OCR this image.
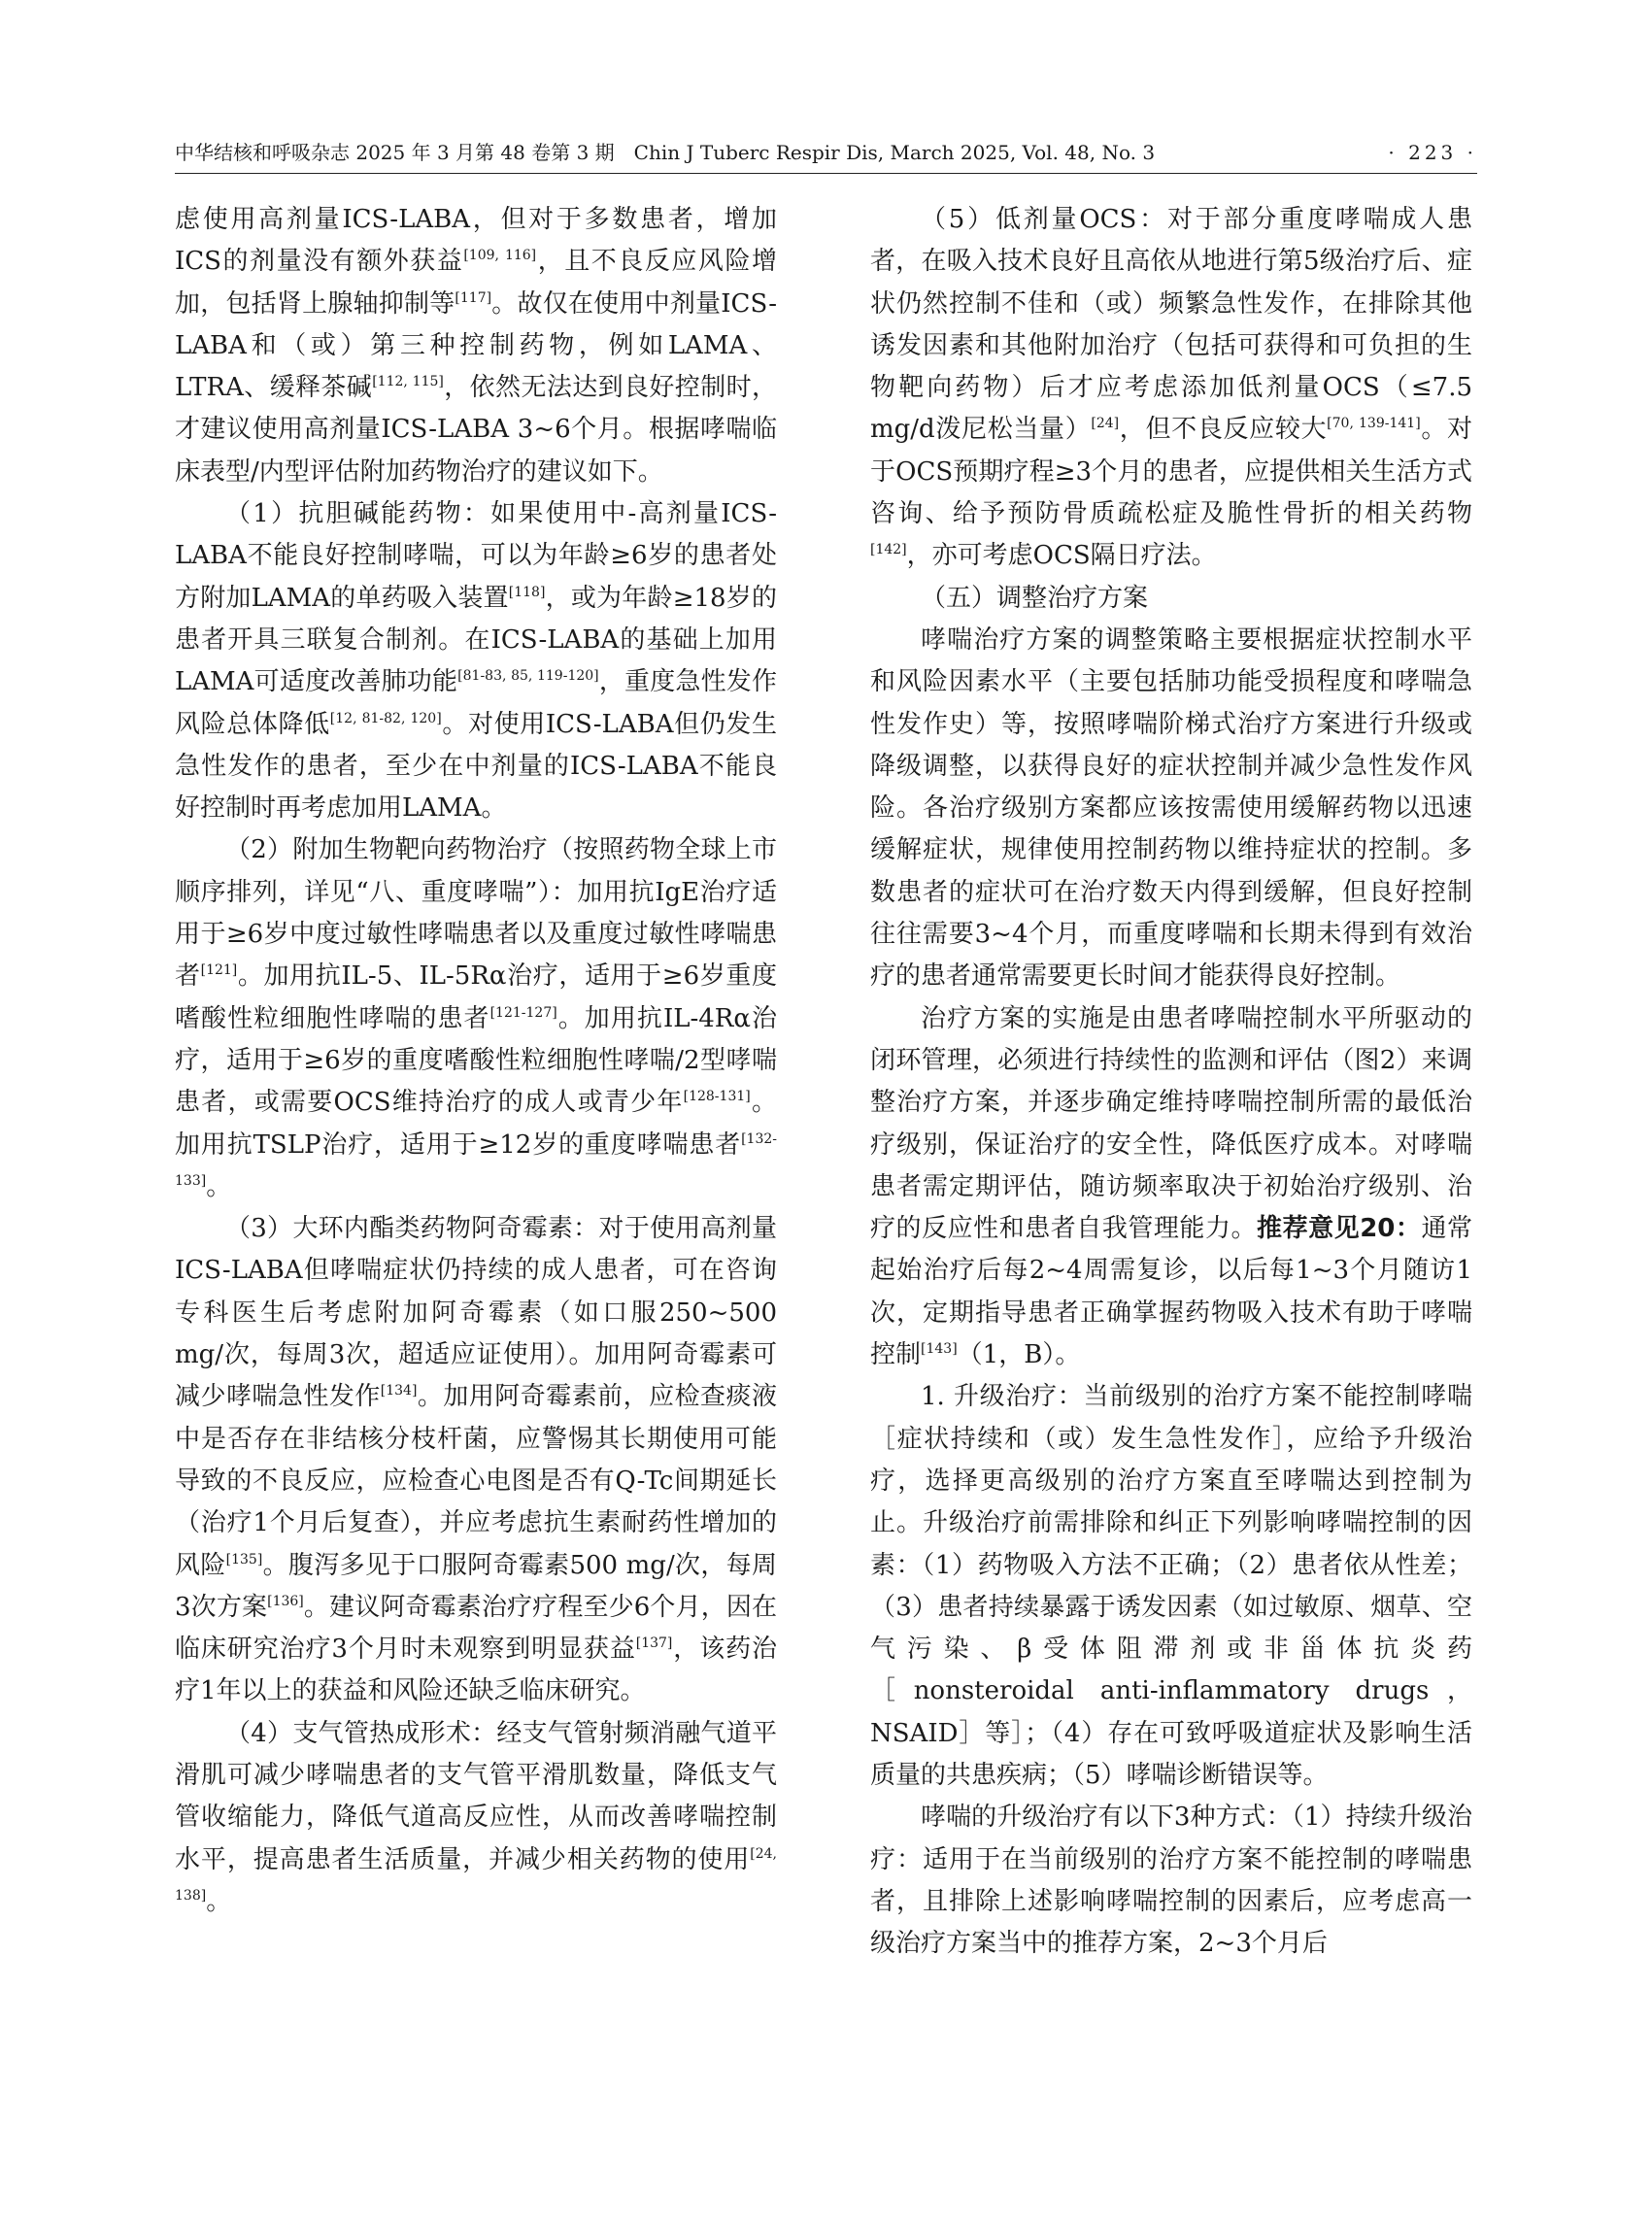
中华结核和呼吸杂志 2025 年 3 月第 48 卷第 3 期　Chin J Tuberc Respir Dis, March 2025, Vol. 48, No. 3	· 223 ·

虑使用高剂量ICS-LABA，但对于多数患者，增加ICS的剂量没有额外获益[109, 116]，且不良反应风险增加，包括肾上腺轴抑制等[117]。故仅在使用中剂量ICS-LABA和（或）第三种控制药物，例如LAMA、LTRA、缓释茶碱[112, 115]，依然无法达到良好控制时，才建议使用高剂量ICS-LABA 3~6个月。根据哮喘临床表型/内型评估附加药物治疗的建议如下。

（1）抗胆碱能药物：如果使用中-高剂量ICS-LABA不能良好控制哮喘，可以为年龄≥6岁的患者处方附加LAMA的单药吸入装置[118]，或为年龄≥18岁的患者开具三联复合制剂。在ICS-LABA的基础上加用LAMA可适度改善肺功能[81-83, 85, 119-120]，重度急性发作风险总体降低[12, 81-82, 120]。对使用ICS-LABA但仍发生急性发作的患者，至少在中剂量的ICS-LABA不能良好控制时再考虑加用LAMA。

（2）附加生物靶向药物治疗（按照药物全球上市顺序排列，详见“八、重度哮喘”）：加用抗IgE治疗适用于≥6岁中度过敏性哮喘患者以及重度过敏性哮喘患者[121]。加用抗IL-5、IL-5Rα治疗，适用于≥6岁重度嗜酸性粒细胞性哮喘的患者[121-127]。加用抗IL-4Rα治疗，适用于≥6岁的重度嗜酸性粒细胞性哮喘/2型哮喘患者，或需要OCS维持治疗的成人或青少年[128-131]。加用抗TSLP治疗，适用于≥12岁的重度哮喘患者[132-133]。

（3）大环内酯类药物阿奇霉素：对于使用高剂量ICS-LABA但哮喘症状仍持续的成人患者，可在咨询专科医生后考虑附加阿奇霉素（如口服250~500 mg/次，每周3次，超适应证使用）。加用阿奇霉素可减少哮喘急性发作[134]。加用阿奇霉素前，应检查痰液中是否存在非结核分枝杆菌，应警惕其长期使用可能导致的不良反应，应检查心电图是否有Q-Tc间期延长（治疗1个月后复查），并应考虑抗生素耐药性增加的风险[135]。腹泻多见于口服阿奇霉素500 mg/次，每周3次方案[136]。建议阿奇霉素治疗疗程至少6个月，因在临床研究治疗3个月时未观察到明显获益[137]，该药治疗1年以上的获益和风险还缺乏临床研究。

（4）支气管热成形术：经支气管射频消融气道平滑肌可减少哮喘患者的支气管平滑肌数量，降低支气管收缩能力，降低气道高反应性，从而改善哮喘控制水平，提高患者生活质量，并减少相关药物的使用[24, 138]。

（5）低剂量OCS：对于部分重度哮喘成人患者，在吸入技术良好且高依从地进行第5级治疗后、症状仍然控制不佳和（或）频繁急性发作，在排除其他诱发因素和其他附加治疗（包括可获得和可负担的生物靶向药物）后才应考虑添加低剂量OCS（≤7.5 mg/d泼尼松当量）[24]，但不良反应较大[70, 139-141]。对于OCS预期疗程≥3个月的患者，应提供相关生活方式咨询、给予预防骨质疏松症及脆性骨折的相关药物[142]，亦可考虑OCS隔日疗法。

（五）调整治疗方案

哮喘治疗方案的调整策略主要根据症状控制水平和风险因素水平（主要包括肺功能受损程度和哮喘急性发作史）等，按照哮喘阶梯式治疗方案进行升级或降级调整，以获得良好的症状控制并减少急性发作风险。各治疗级别方案都应该按需使用缓解药物以迅速缓解症状，规律使用控制药物以维持症状的控制。多数患者的症状可在治疗数天内得到缓解，但良好控制往往需要3~4个月，而重度哮喘和长期未得到有效治疗的患者通常需要更长时间才能获得良好控制。

治疗方案的实施是由患者哮喘控制水平所驱动的闭环管理，必须进行持续性的监测和评估（图2）来调整治疗方案，并逐步确定维持哮喘控制所需的最低治疗级别，保证治疗的安全性，降低医疗成本。对哮喘患者需定期评估，随访频率取决于初始治疗级别、治疗的反应性和患者自我管理能力。推荐意见20：通常起始治疗后每2~4周需复诊，以后每1~3个月随访1次，定期指导患者正确掌握药物吸入技术有助于哮喘控制[143]（1，B）。

1. 升级治疗：当前级别的治疗方案不能控制哮喘［症状持续和（或）发生急性发作］，应给予升级治疗，选择更高级别的治疗方案直至哮喘达到控制为止。升级治疗前需排除和纠正下列影响哮喘控制的因素：（1）药物吸入方法不正确；（2）患者依从性差；（3）患者持续暴露于诱发因素（如过敏原、烟草、空气污染、β受体阻滞剂或非甾体抗炎药［nonsteroidal anti-inflammatory drugs，NSAID］等］；（4）存在可致呼吸道症状及影响生活质量的共患疾病；（5）哮喘诊断错误等。

哮喘的升级治疗有以下3种方式：（1）持续升级治疗：适用于在当前级别的治疗方案不能控制的哮喘患者，且排除上述影响哮喘控制的因素后，应考虑高一级治疗方案当中的推荐方案，2~3个月后
